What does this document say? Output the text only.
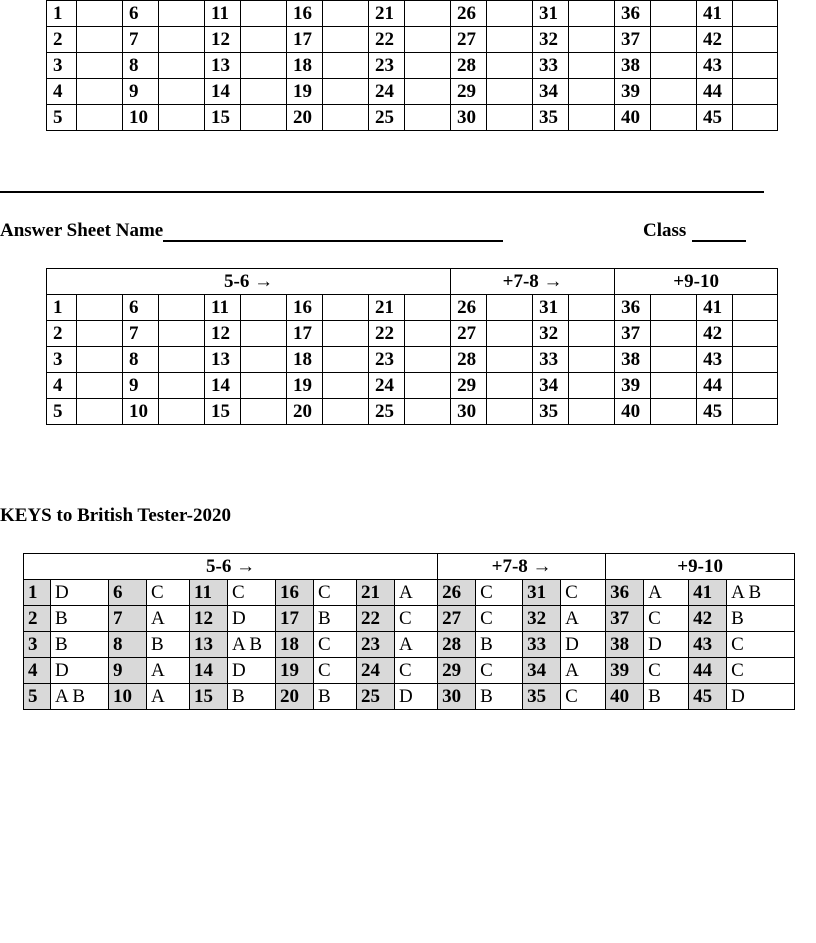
1		6		11		16		21		26		31		36		41	
2		7		12		17		22		27		32		37		42	
3		8		13		18		23		28		33		38		43	
4		9		14		19		24		29		34		39		44	
5		10		15		20		25		30		35		40		45	
Answer Sheet Name	Class
5-6 →										+7-8 →				+9-10			
1		6		11		16		21		26		31		36		41	
2		7		12		17		22		27		32		37		42	
3		8		13		18		23		28		33		38		43	
4		9		14		19		24		29		34		39		44	
5		10		15		20		25		30		35		40		45	
KEYS to British Tester-2020
5-6 →										+7-8 →				+9-10			
1	D	6	C	11	C	16	C	21	A	26	C	31	C	36	A	41	A B
2	B	7	A	12	D	17	B	22	C	27	C	32	A	37	C	42	B
3	B	8	B	13	A B	18	C	23	A	28	B	33	D	38	D	43	C
4	D	9	A	14	D	19	C	24	C	29	C	34	A	39	C	44	C
5	A B	10	A	15	B	20	B	25	D	30	B	35	C	40	B	45	D
